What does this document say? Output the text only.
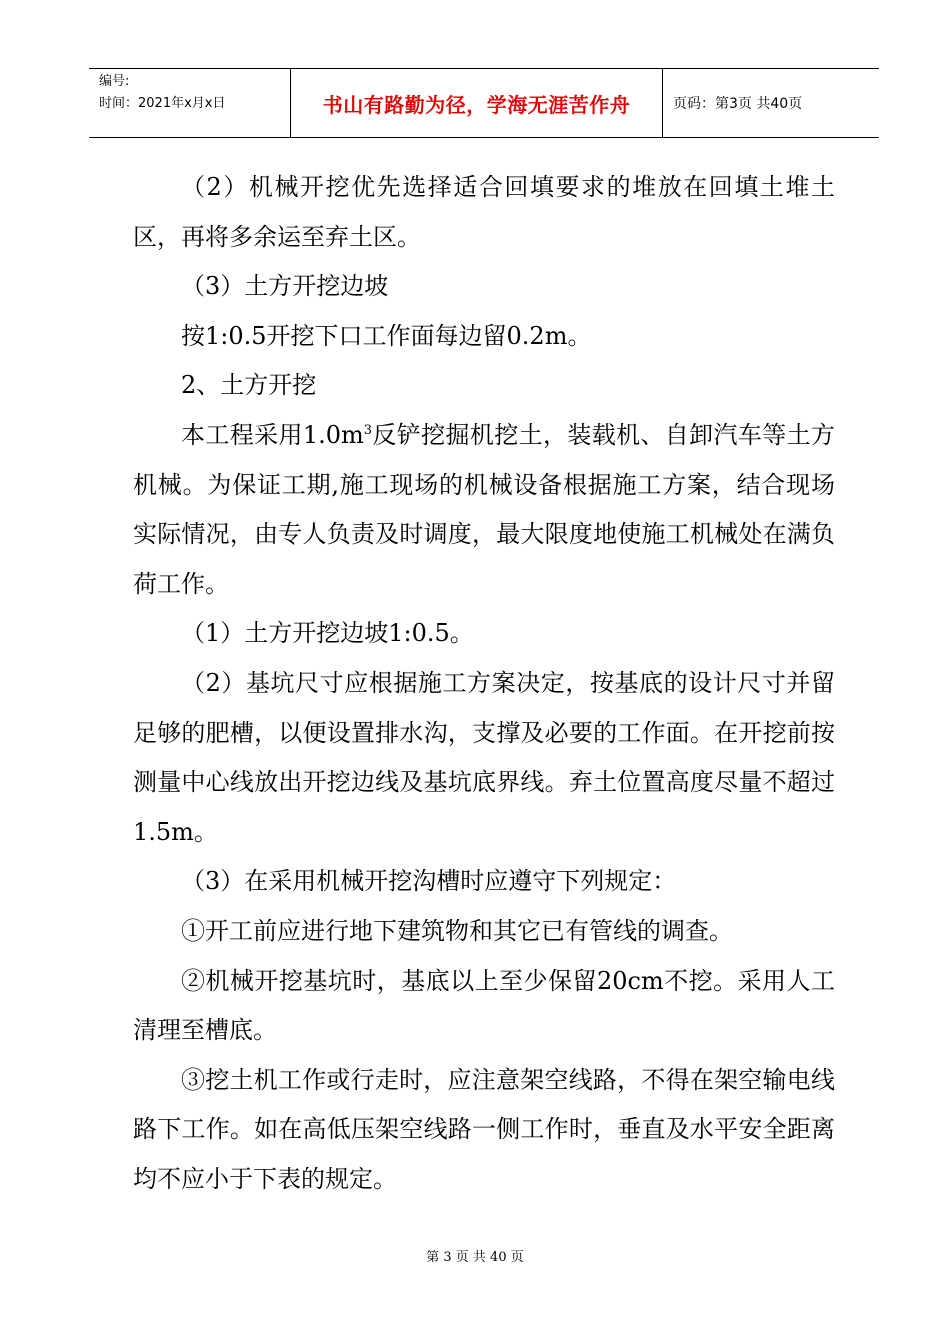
编号:
时间：2021年x月x日	书山有路勤为径，学海无涯苦作舟	页码：第3页 共40页

（2）机械开挖优先选择适合回填要求的堆放在回填土堆土区，再将多余运至弃土区。

（3）土方开挖边坡

按1:0.5开挖下口工作面每边留0.2m。

2、土方开挖

本工程采用$1.0m^3$反铲挖掘机挖土，装载机、自卸汽车等土方机械。为保证工期,施工现场的机械设备根据施工方案，结合现场实际情况，由专人负责及时调度，最大限度地使施工机械处在满负荷工作。

（1）土方开挖边坡1:0.5。

（2）基坑尺寸应根据施工方案决定，按基底的设计尺寸并留足够的肥槽，以便设置排水沟，支撑及必要的工作面。在开挖前按测量中心线放出开挖边线及基坑底界线。弃土位置高度尽量不超过1.5m。

（3）在采用机械开挖沟槽时应遵守下列规定：

①开工前应进行地下建筑物和其它已有管线的调查。

②机械开挖基坑时，基底以上至少保留20cm不挖。采用人工清理至槽底。

③挖土机工作或行走时，应注意架空线路，不得在架空输电线路下工作。如在高低压架空线路一侧工作时，垂直及水平安全距离均不应小于下表的规定。

第 3 页 共 40 页
